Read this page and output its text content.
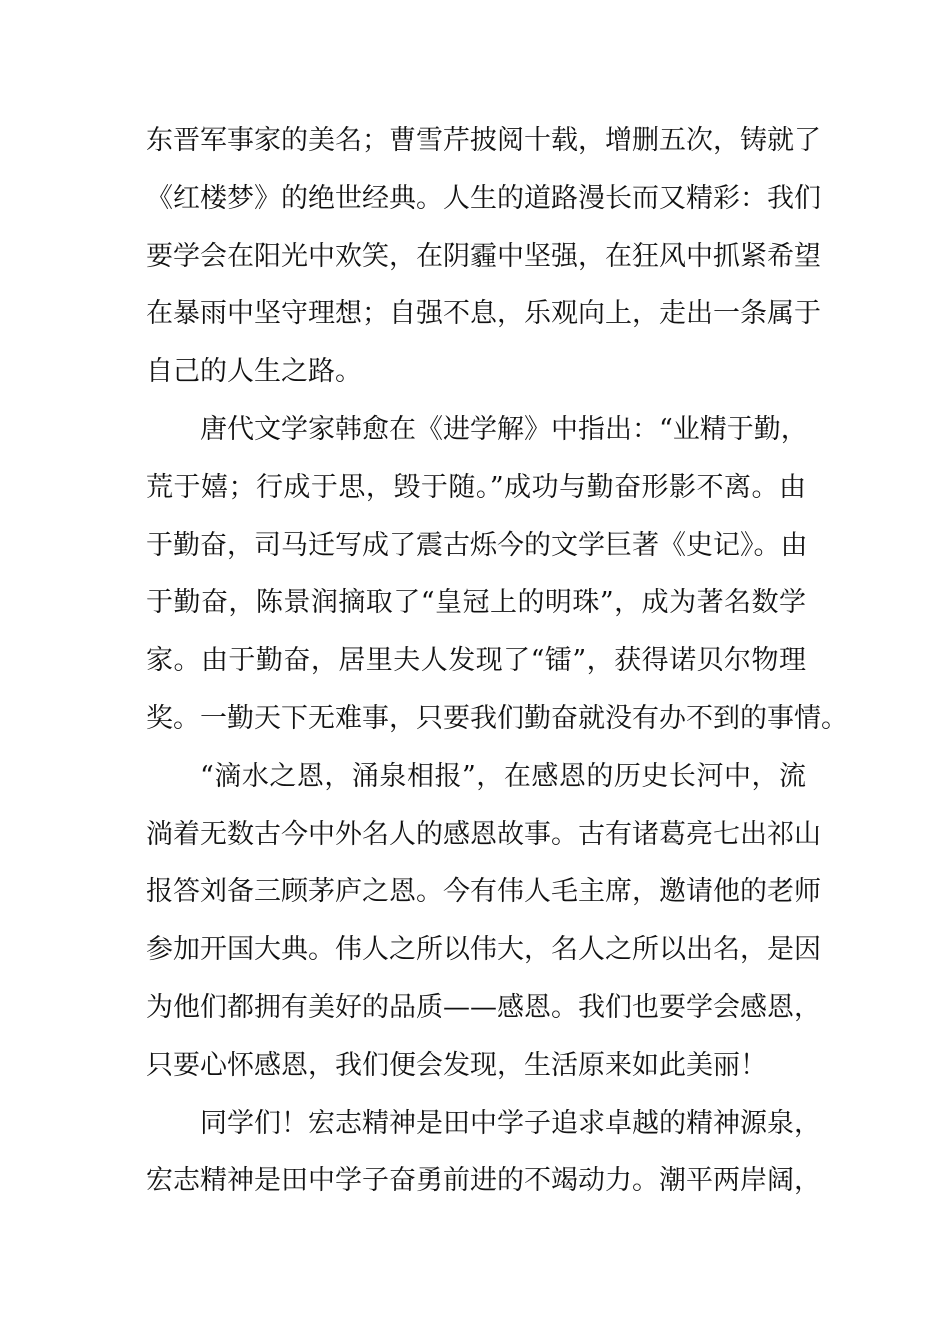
东晋军事家的美名；曹雪芹披阅十载，增删五次，铸就了
《红楼梦》的绝世经典。人生的道路漫长而又精彩：我们
要学会在阳光中欢笑，在阴霾中坚强，在狂风中抓紧希望
在暴雨中坚守理想；自强不息，乐观向上，走出一条属于
自己的人生之路。
唐代文学家韩愈在《进学解》中指出：“业精于勤，
荒于嬉；行成于思，毁于随。”成功与勤奋形影不离。由
于勤奋，司马迁写成了震古烁今的文学巨著《史记》。由
于勤奋，陈景润摘取了“皇冠上的明珠”，成为著名数学
家。由于勤奋，居里夫人发现了“镭”，获得诺贝尔物理
奖。一勤天下无难事，只要我们勤奋就没有办不到的事情。
“滴水之恩，涌泉相报”，在感恩的历史长河中，流
淌着无数古今中外名人的感恩故事。古有诸葛亮七出祁山
报答刘备三顾茅庐之恩。今有伟人毛主席，邀请他的老师
参加开国大典。伟人之所以伟大，名人之所以出名，是因
为他们都拥有美好的品质——感恩。我们也要学会感恩，
只要心怀感恩，我们便会发现，生活原来如此美丽！
同学们！宏志精神是田中学子追求卓越的精神源泉，
宏志精神是田中学子奋勇前进的不竭动力。潮平两岸阔，
